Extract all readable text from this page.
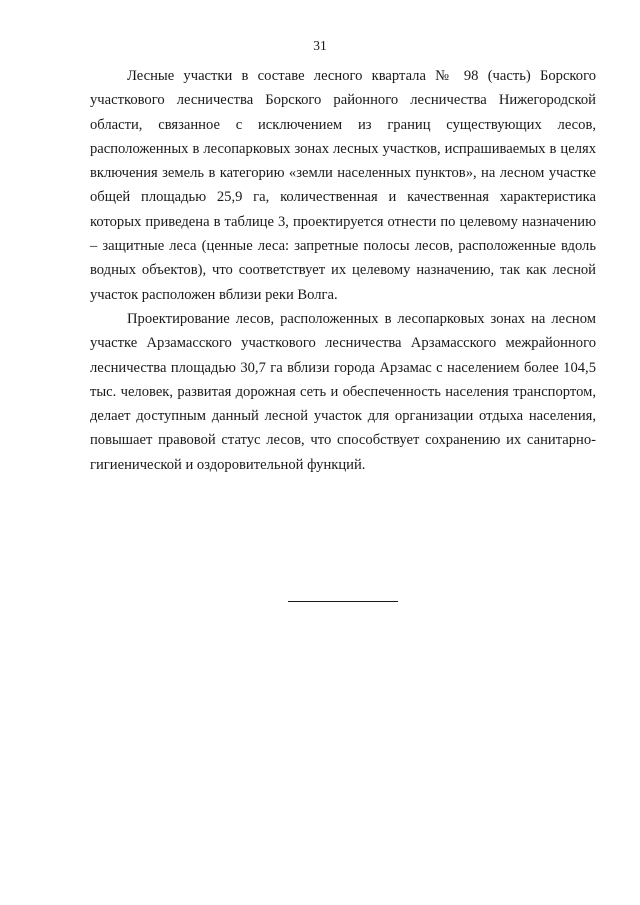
31

Лесные участки в составе лесного квартала № 98 (часть) Борского участкового лесничества Борского районного лесничества Нижегородской области, связанное с исключением из границ существующих лесов, расположенных в лесопарковых зонах лесных участков, испрашиваемых в целях включения земель в категорию «земли населенных пунктов», на лесном участке общей площадью 25,9 га, количественная и качественная характеристика которых приведена в таблице 3, проектируется отнести по целевому назначению – защитные леса (ценные леса: запретные полосы лесов, расположенные вдоль водных объектов), что соответствует их целевому назначению, так как лесной участок расположен вблизи реки Волга.

Проектирование лесов, расположенных в лесопарковых зонах на лесном участке Арзамасского участкового лесничества Арзамасского межрайонного лесничества площадью 30,7 га вблизи города Арзамас с населением более 104,5 тыс. человек, развитая дорожная сеть и обеспеченность населения транспортом, делает доступным данный лесной участок для организации отдыха населения, повышает правовой статус лесов, что способствует сохранению их санитарно-гигиенической и оздоровительной функций.
